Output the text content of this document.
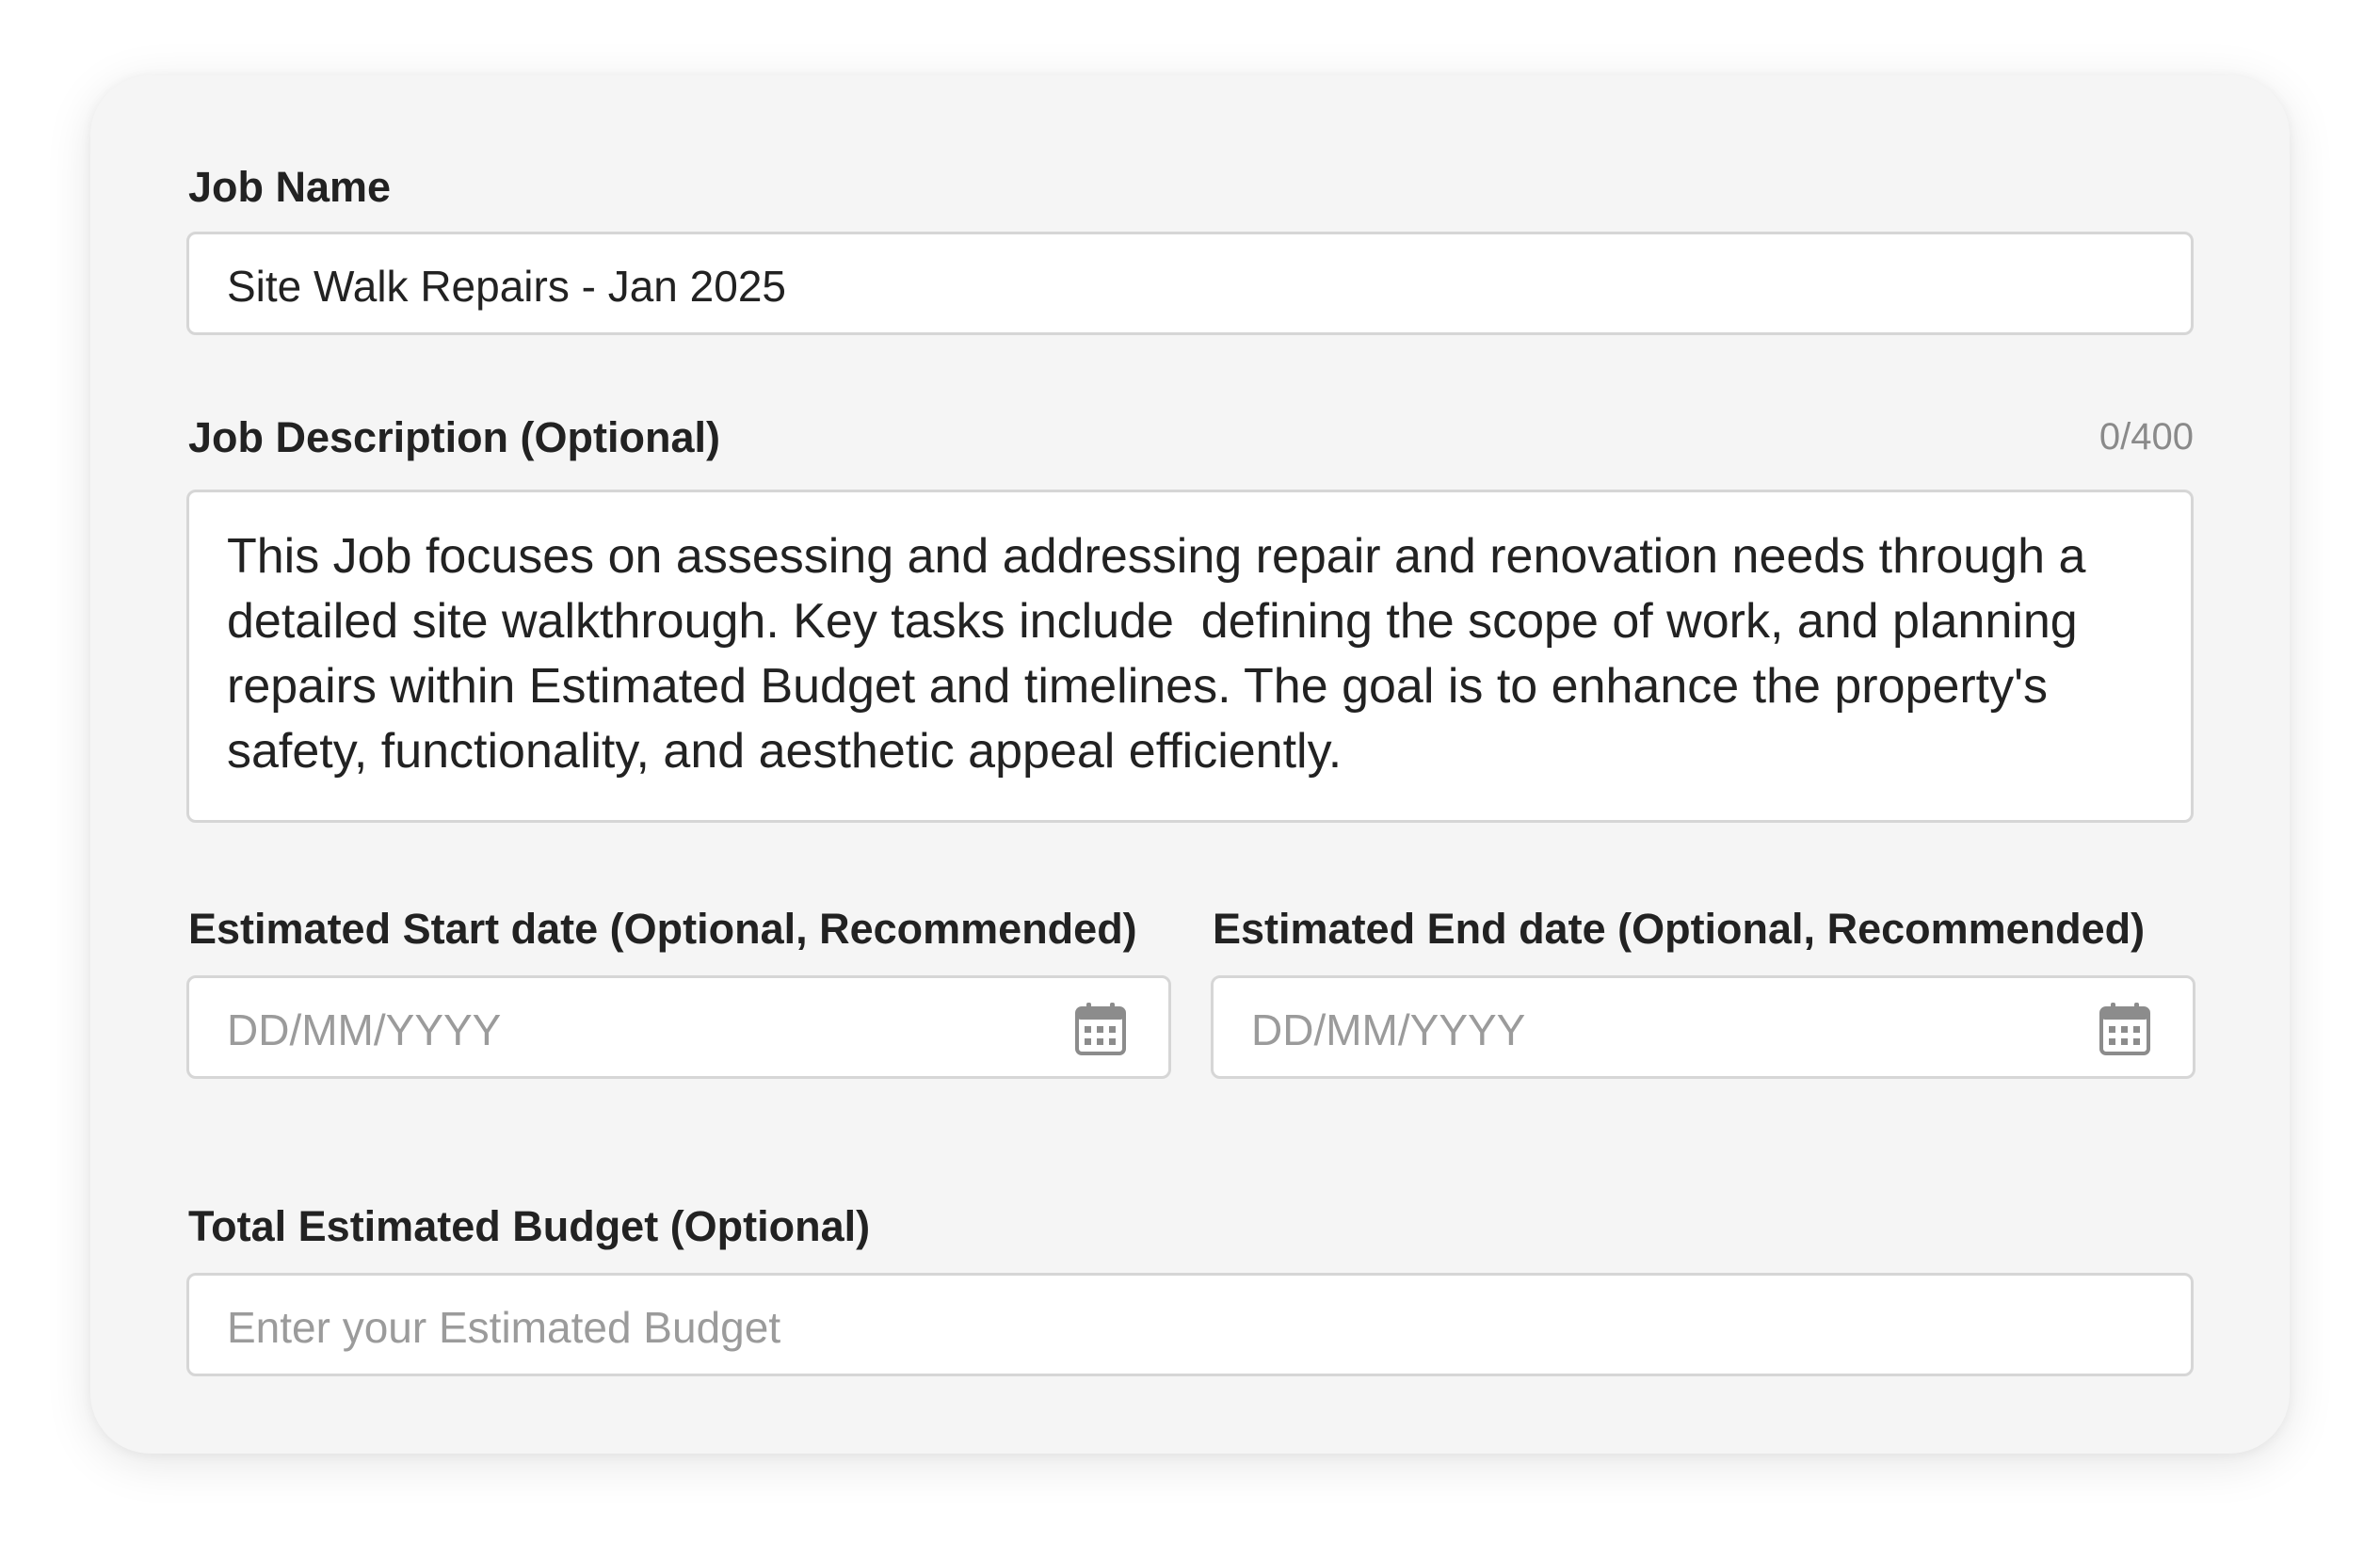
Job Name
Site Walk Repairs - Jan 2025
Job Description (Optional)	0/400
This Job focuses on assessing and addressing repair and renovation needs through a detailed site walkthrough. Key tasks include  defining the scope of work, and planning repairs within Estimated Budget and timelines. The goal is to enhance the property's safety, functionality, and aesthetic appeal efficiently.
Estimated Start date (Optional, Recommended)
DD/MM/YYYY
Estimated End date (Optional, Recommended)
DD/MM/YYYY
Total Estimated Budget (Optional)
Enter your Estimated Budget
